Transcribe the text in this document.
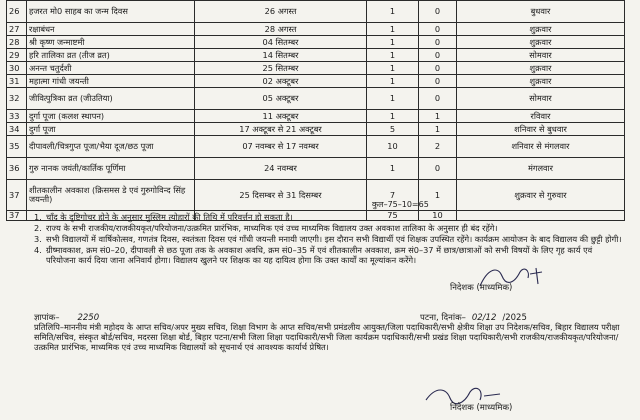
26	हजरत मो0 साहब का जन्म दिवस	26 अगस्त	1	0	बुधवार
27	रक्षाबंधन	28 अगस्त	1	0	शुक्रवार
28	श्री कृष्ण जन्माष्टमी	04 सितम्बर	1	0	शुक्रवार
29	हरि तालिका व्रत (तीज व्रत)	14 सितम्बर	1	0	सोमवार
30	अनन्त चतुर्दशी	25 सितम्बर	1	0	शुक्रवार
31	महात्मा गांधी जयन्ती	02 अक्टूबर	1	0	शुक्रवार
32	जीवित्पुत्रिका व्रत (जीउतिया)	05 अक्टूबर	1	0	सोमवार
33	दुर्गा पूजा (कलश स्थापन)	11 अक्टूबर	1	1	रविवार
34	दुर्गा पूजा	17 अक्टूबर से 21 अक्टूबर	5	1	शनिवार से बुधवार
35	दीपावली/चित्रगुप्त पूजा/भैया दूज/छठ पूजा	07 नवम्बर से 17 नवम्बर	10	2	शनिवार से मंगलवार
36	गुरु नानक जयंती/कार्तिक पूर्णिमा	24 नवम्बर	1	0	मंगलवार
37	शीतकालीन अवकाश (क्रिसमस डे एवं गुरुगोविन्द सिंह जयन्ती)	25 दिसम्बर से 31 दिसम्बर	7	1	शुक्रवार से गुरुवार
37			75	10	
कुल–75–10=65
1. चाँद के दृष्टिगोचर होने के अनुसार मुस्लिम त्योहारों की तिथि में परिवर्त्तन हो सकता है।
2. राज्य के सभी राजकीय/राजकीयकृत/परियोजना/उत्क्रमित प्रारंभिक, माध्यमिक एवं उच्च माध्यमिक विद्यालय उक्त अवकाश तालिका के अनुसार ही बंद रहेंगे।
3. सभी विद्यालयों में वार्षिकोत्सव, गणतंत्र दिवस, स्वतंत्रता दिवस एवं गाँधी जयन्ती मनायी जाएगी। इस दौरान सभी विद्यार्थी एवं शिक्षक उपस्थित रहेंगे। कार्यक्रम आयोजन के बाद विद्यालय की छुट्टी होगी।
4. ग्रीष्मावकाश, क्रम सं0–20, दीपावली से छठ पूजा तक के अवकाश अवधि, क्रम सं0–35 में एवं शीतकालीन अवकाश, क्रम सं0–37 में छात्र/छात्राओं को सभी विषयों के लिए गृह कार्य एवं परियोजना कार्य दिया जाना अनिवार्य होगा। विद्यालय खुलने पर शिक्षक का यह दायित्व होगा कि उक्त कार्यों का मूल्यांकन करेंगे।
निदेशक (माध्यमिक)
ज्ञापांक– 2250	पटना, दिनांक– 02/12 /2025
प्रतिलिपि–माननीय मंत्री महोदय के आप्त सचिव/अपर मुख्य सचिव, शिक्षा विभाग के आप्त सचिव/सभी प्रमंडलीय आयुक्त/जिला पदाधिकारी/सभी क्षेत्रीय शिक्षा उप निदेशक/सचिव, बिहार विद्यालय परीक्षा समिति/सचिव, संस्कृत बोर्ड/सचिव, मदरसा शिक्षा बोर्ड, बिहार पटना/सभी जिला शिक्षा पदाधिकारी/सभी जिला कार्यक्रम पदाधिकारी/सभी प्रखंड शिक्षा पदाधिकारी/सभी राजकीय/राजकीयकृत/परियोजना/उत्क्रमित प्रारंभिक, माध्यमिक एवं उच्च माध्यमिक विद्यालयों को सूचनार्थ एवं आवश्यक कार्यार्थ प्रेषित।
निदेशक (माध्यमिक)
